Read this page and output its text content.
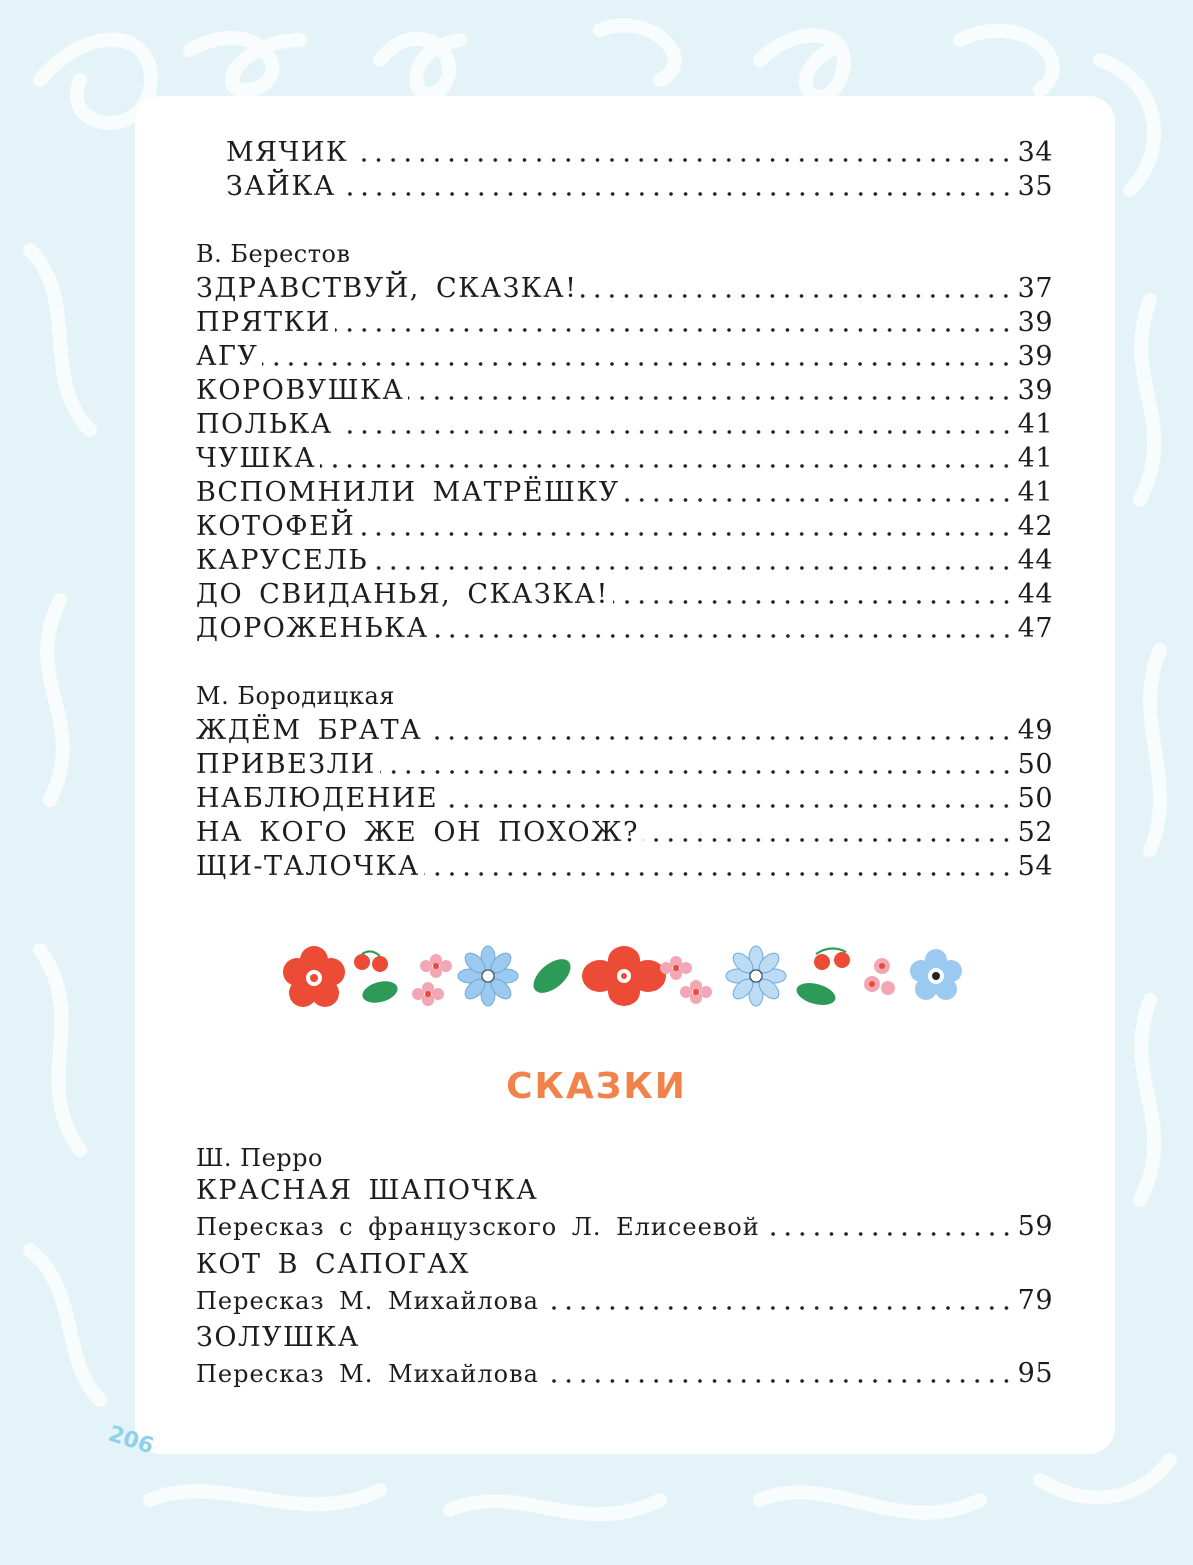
МЯЧИК	34
ЗАЙКА	35
В. Берестов
ЗДРАВСТВУЙ, СКАЗКА!	37
ПРЯТКИ	39
АГУ	39
КОРОВУШКА	39
ПОЛЬКА	41
ЧУШКА	41
ВСПОМНИЛИ МАТРЁШКУ	41
КОТОФЕЙ	42
КАРУСЕЛЬ	44
ДО СВИДАНЬЯ, СКАЗКА!	44
ДОРОЖЕНЬКА	47
М. Бородицкая
ЖДЁМ БРАТА	49
ПРИВЕЗЛИ	50
НАБЛЮДЕНИЕ	50
НА КОГО ЖЕ ОН ПОХОЖ?	52
ЩИ-ТАЛОЧКА	54
Ш. Перро
КРАСНАЯ ШАПОЧКА
Пересказ с французского Л. Елисеевой	59
КОТ В САПОГАХ
Пересказ М. Михайлова	79
ЗОЛУШКА
Пересказ М. Михайлова	95
СКАЗКИ
206
